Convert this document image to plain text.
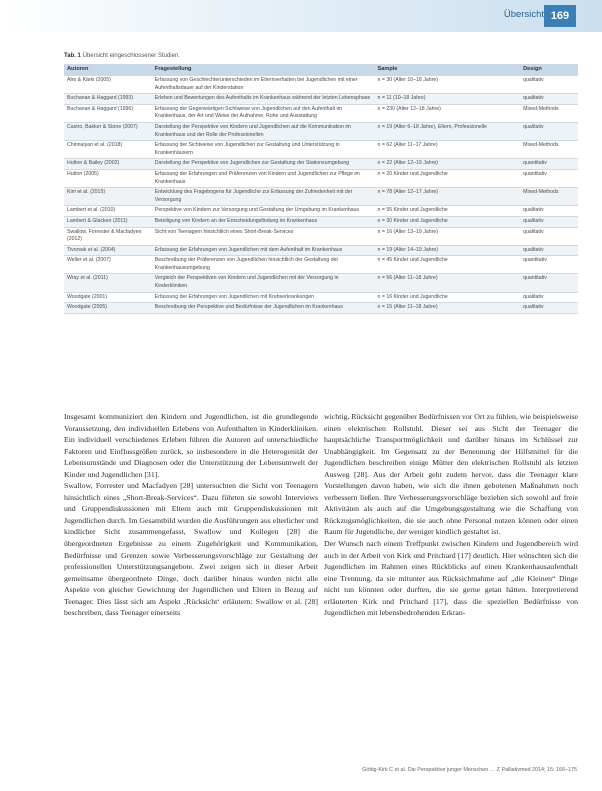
Übersicht 169
Tab. 1 Übersicht eingeschlossener Studien.
Autoren	Fragestellung	Sample	Design
Aho & Kärki (2005)	Erfassung von Geschlechterunterschieden im Elternverhalten bei Jugendlichen mit einer Aufenthaltsdauer auf der Kinderstation	n = 30 (Alter 10–18 Jahre)	qualitativ
Buchanan & Haggard (1993)	Erleben und Bewertungen des Aufenthalts im Krankenhaus während der letzten Lebensphase	n = 11 (10–18 Jahre)	qualitativ
Buchanan & Haggard (1996)	Erfassung der Gegenwärtigen Sichtweise von Jugendlichen auf den Aufenthalt im Krankenhaus, der Art und Weise der Aufnahme, Ruhe und Ausstattung	n = 230 (Alter 12–18 Jahre)	Mixed-Methods
Castro, Bakker & Stone (2007)	Darstellung der Perspektive von Kindern und Jugendlichen auf die Kommunikation im Krankenhaus und der Rolle der Professionellen	n = 19 (Alter 6–18 Jahre), Eltern, Professionelle	qualitativ
Chinnaiyan et al. (2018)	Erfassung der Sichtweise von Jugendlichen zur Gestaltung und Unterstützung in Krankenhäusern	n = 62 (Alter 11–17 Jahre)	Mixed-Methods
Hutton & Bailey (2002)	Darstellung der Perspektive von Jugendlichen zur Gestaltung der Stationsumgebung	n = 22 (Alter 12–19 Jahre)	quantitativ
Hutton (2005)	Erfassung der Erfahrungen und Präferenzen von Kindern und Jugendlichen zur Pflege im Krankenhaus	n = 20 Kinder und Jugendliche	quantitativ
Kim et al. (2015)	Entwicklung des Fragebogens für Jugendliche zur Erfassung der Zufriedenheit mit der Versorgung	n = 78 (Alter 12–17 Jahre)	Mixed-Methods
Lambert et al. (2010)	Perspektive von Kindern zur Versorgung und Gestaltung der Umgebung im Krankenhaus	n = 55 Kinder und Jugendliche	qualitativ
Lambert & Glacken (2011)	Beteiligung von Kindern an der Entscheidungsfindung im Krankenhaus	n = 30 Kinder und Jugendliche	qualitativ
Swallow, Forrester & Macfadyen (2012)	Sicht von Teenagern hinsichtlich eines Short-Break-Services	n = 16 (Alter 13–19 Jahre)	qualitativ
Tivorsak et al. (2004)	Erfassung der Erfahrungen von Jugendlichen mit dem Aufenthalt im Krankenhaus	n = 19 (Alter 14–19 Jahre)	qualitativ
Weller et al. (2007)	Beschreibung der Präferenzen von Jugendlichen hinsichtlich der Gestaltung der Krankenhausumgebung	n = 45 Kinder und Jugendliche	quantitativ
Wray et al. (2011)	Vergleich der Perspektiven von Kindern und Jugendlichen mit der Versorgung in Kinderkliniken	n = 56 (Alter 11–18 Jahre)	quantitativ
Woodgate (2001)	Erfassung der Erfahrungen von Jugendlichen mit Krebserkrankungen	n = 16 Kinder und Jugendliche	qualitativ
Woodgate (2005)	Beschreibung der Perspektive und Bedürfnisse der Jugendlichen im Krankenhaus	n = 15 (Alter 11–18 Jahre)	qualitativ

Insgesamt kommuniziert den Kindern und Jugendlichen, ist die grundlegende Voraussetzung, den individuellen Erlebens von Aufenthalten in Kinderkliniken. Ein individuell verschiedenes Erleben führen die Autoren auf unterschiedliche Faktoren und Einflussgrößen zurück, so insbesondere in die Heterogenität der Lebensumstände und Diagnosen oder die Unterstützung der Lebensumwelt der Kinder und Jugendlichen [31].

Swallow, Forrester und Macfadyen [28] untersuchten die Sicht von Teenagern hinsichtlich eines „Short-Break-Services“. Dazu führten sie sowohl Interviews und Gruppendiskussionen mit Eltern auch mit Gruppendiskussionen mit Jugendlichen durch. Im Gesamtbild wurden die Ausführungen aus elterlicher und kindlicher Sicht zusammengefasst, Swallow und Kollegen [28] die übergeordneten Ergebnisse zu einem Zugehörigkeit und Kommunikation, Bedürfnisse und Grenzen sowie Verbesserungsvorschläge zur Gestaltung der professionellen Unterstützungsangebote. Zwei zeigen sich in dieser Arbeit gemeinsame übergeordnete Dinge, doch darüber hinaus wurden nicht alle Aspekte von gleicher Gewichtung der Jugendlichen und Eltern in Bezug auf Teenager. Dies lässt sich am Aspekt ‚Rücksicht‘ erläutern: Swallow et al. [28] beschreiben, dass Teenager einerseits

wichtig, Rücksicht gegenüber Bedürfnissen vor Ort zu fühlen, wie beispielsweise einen elektrischen Rollstuhl. Dieser sei aus Sicht der Teenager die hauptsächliche Transportmöglichkeit und darüber hinaus im Schlüssel zur Unabhängigkeit. Im Gegensatz zu der Benennung der Hilfsmittel für die Jugendlichen beschreiben einige Mütter den elektrischen Rollstuhl als letzten Ausweg [28]. Aus der Arbeit geht zudem hervor, dass die Teenager klare Vorstellungen davon haben, wie sich die ihnen gebotenen Maßnahmen noch verbessern ließen. Ihre Verbesserungsvorschläge beziehen sich sowohl auf freie Aktivitäten als auch auf die Umgebungsgestaltung wie die Schaffung von Rückzugsmöglichkeiten, die sie auch ohne Personal nutzen können oder einen Raum für Jugendliche, der weniger kindlich gestaltet ist.

Der Wunsch nach einem Treffpunkt zwischen Kindern und Jugendbereich wird auch in der Arbeit von Kirk und Pritchard [17] deutlich. Hier wünschten sich die Jugendlichen im Rahmen eines Rückblicks auf einen Krankenhausaufenthalt eine Trennung, da sie mitunter aus Rücksichtnahme auf „die Kleinen“ Dinge nicht tun könnten oder durften, die sie gerne getan hätten. Interpretierend erläuterten Kirk und Pritchard [17], dass die speziellen Bedürfnisse von Jugendlichen mit lebensbedrohenden Erkran-

Göttig-Kirk C et al. Die Perspektive junger Menschen … Z Palliativmed 2014; 15: 166–175
